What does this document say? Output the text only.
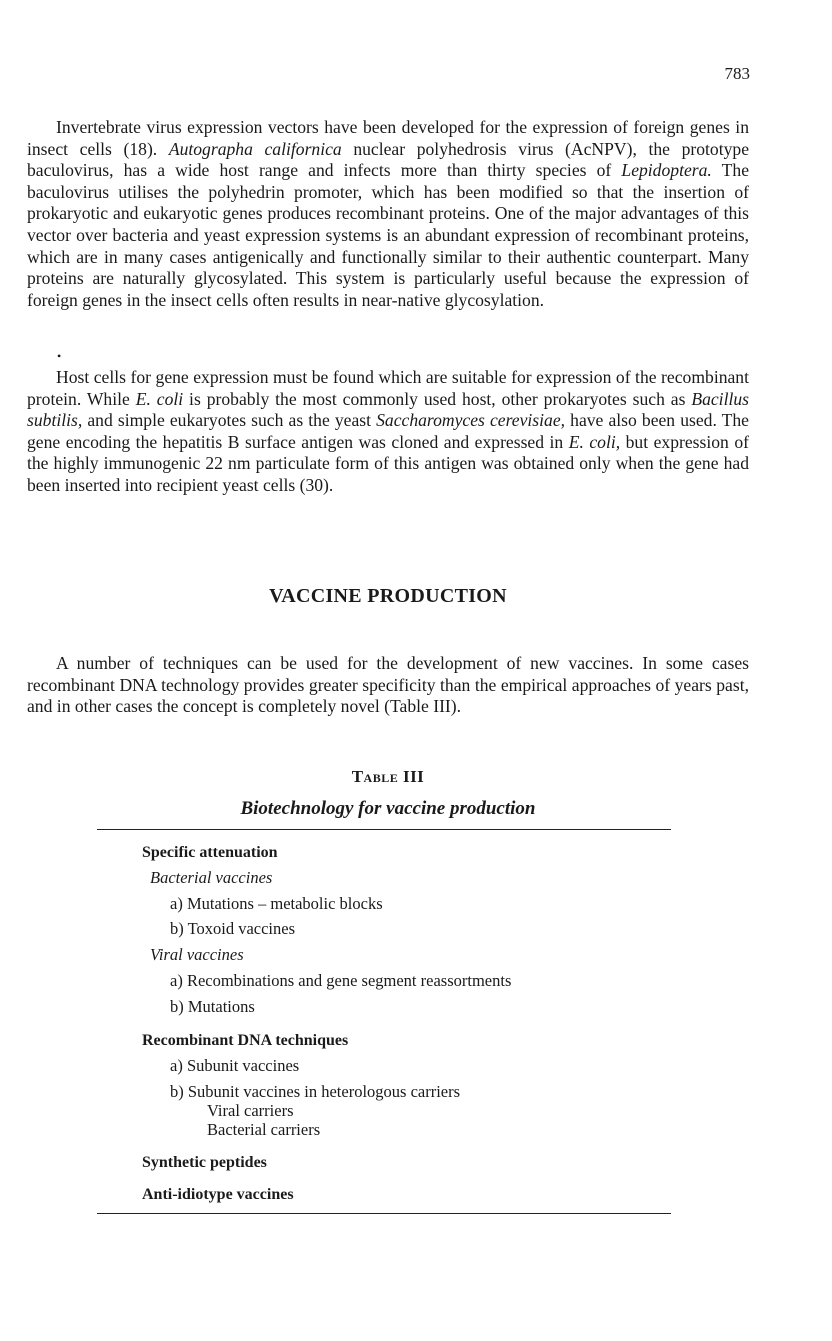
783

Invertebrate virus expression vectors have been developed for the expression of foreign genes in insect cells (18). Autographa californica nuclear polyhedrosis virus (AcNPV), the prototype baculovirus, has a wide host range and infects more than thirty species of Lepidoptera. The baculovirus utilises the polyhedrin promoter, which has been modified so that the insertion of prokaryotic and eukaryotic genes produces recombinant proteins. One of the major advantages of this vector over bacteria and yeast expression systems is an abundant expression of recombinant proteins, which are in many cases antigenically and functionally similar to their authentic counterpart. Many proteins are naturally glycosylated. This system is particularly useful because the expression of foreign genes in the insect cells often results in near-native glycosylation.

•

Host cells for gene expression must be found which are suitable for expression of the recombinant protein. While E. coli is probably the most commonly used host, other prokaryotes such as Bacillus subtilis, and simple eukaryotes such as the yeast Saccharomyces cerevisiae, have also been used. The gene encoding the hepatitis B surface antigen was cloned and expressed in E. coli, but expression of the highly immunogenic 22 nm particulate form of this antigen was obtained only when the gene had been inserted into recipient yeast cells (30).

VACCINE PRODUCTION

A number of techniques can be used for the development of new vaccines. In some cases recombinant DNA technology provides greater specificity than the empirical approaches of years past, and in other cases the concept is completely novel (Table III).

Table III
Biotechnology for vaccine production
Specific attenuation
Bacterial vaccines
a) Mutations – metabolic blocks
b) Toxoid vaccines
Viral vaccines
a) Recombinations and gene segment reassortments
b) Mutations
Recombinant DNA techniques
a) Subunit vaccines
b) Subunit vaccines in heterologous carriers
Viral carriers
Bacterial carriers
Synthetic peptides
Anti-idiotype vaccines
